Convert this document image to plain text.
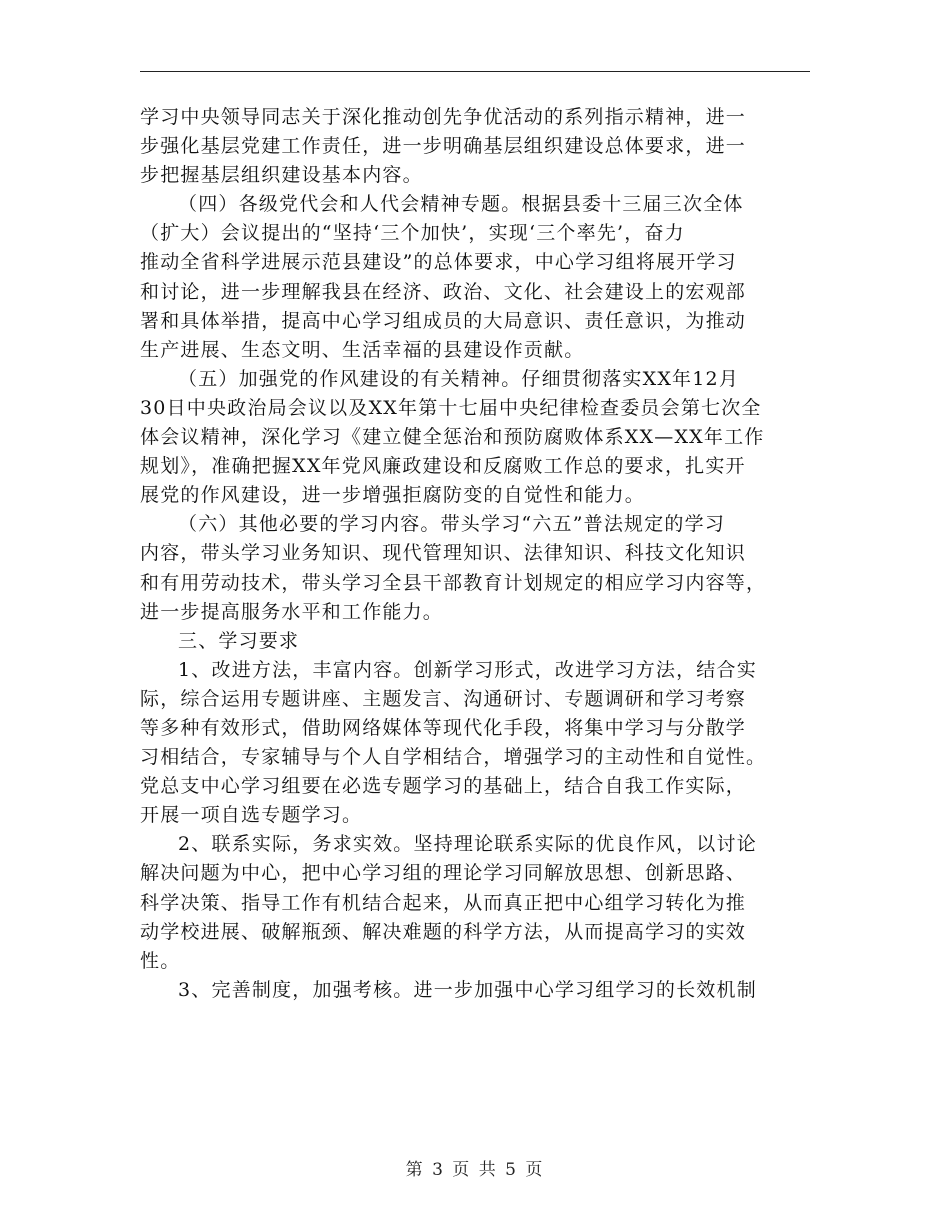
学习中央领导同志关于深化推动创先争优活动的系列指示精神，进一
步强化基层党建工作责任，进一步明确基层组织建设总体要求，进一
步把握基层组织建设基本内容。

（四）各级党代会和人代会精神专题。根据县委十三届三次全体
（扩大）会议提出的“坚持‘三个加快’，实现‘三个率先’，奋力
推动全省科学进展示范县建设”的总体要求，中心学习组将展开学习
和讨论，进一步理解我县在经济、政治、文化、社会建设上的宏观部
署和具体举措，提高中心学习组成员的大局意识、责任意识，为推动
生产进展、生态文明、生活幸福的县建设作贡献。

（五）加强党的作风建设的有关精神。仔细贯彻落实XX年12月
30日中央政治局会议以及XX年第十七届中央纪律检查委员会第七次全
体会议精神，深化学习《建立健全惩治和预防腐败体系XX—XX年工作
规划》，准确把握XX年党风廉政建设和反腐败工作总的要求，扎实开
展党的作风建设，进一步增强拒腐防变的自觉性和能力。

（六）其他必要的学习内容。带头学习“六五”普法规定的学习
内容，带头学习业务知识、现代管理知识、法律知识、科技文化知识
和有用劳动技术，带头学习全县干部教育计划规定的相应学习内容等，
进一步提高服务水平和工作能力。

三、学习要求

1、改进方法，丰富内容。创新学习形式，改进学习方法，结合实
际，综合运用专题讲座、主题发言、沟通研讨、专题调研和学习考察
等多种有效形式，借助网络媒体等现代化手段，将集中学习与分散学
习相结合，专家辅导与个人自学相结合，增强学习的主动性和自觉性。
党总支中心学习组要在必选专题学习的基础上，结合自我工作实际，
开展一项自选专题学习。

2、联系实际，务求实效。坚持理论联系实际的优良作风，以讨论
解决问题为中心，把中心学习组的理论学习同解放思想、创新思路、
科学决策、指导工作有机结合起来，从而真正把中心组学习转化为推
动学校进展、破解瓶颈、解决难题的科学方法，从而提高学习的实效
性。

3、完善制度，加强考核。进一步加强中心学习组学习的长效机制

第 3 页 共 5 页
